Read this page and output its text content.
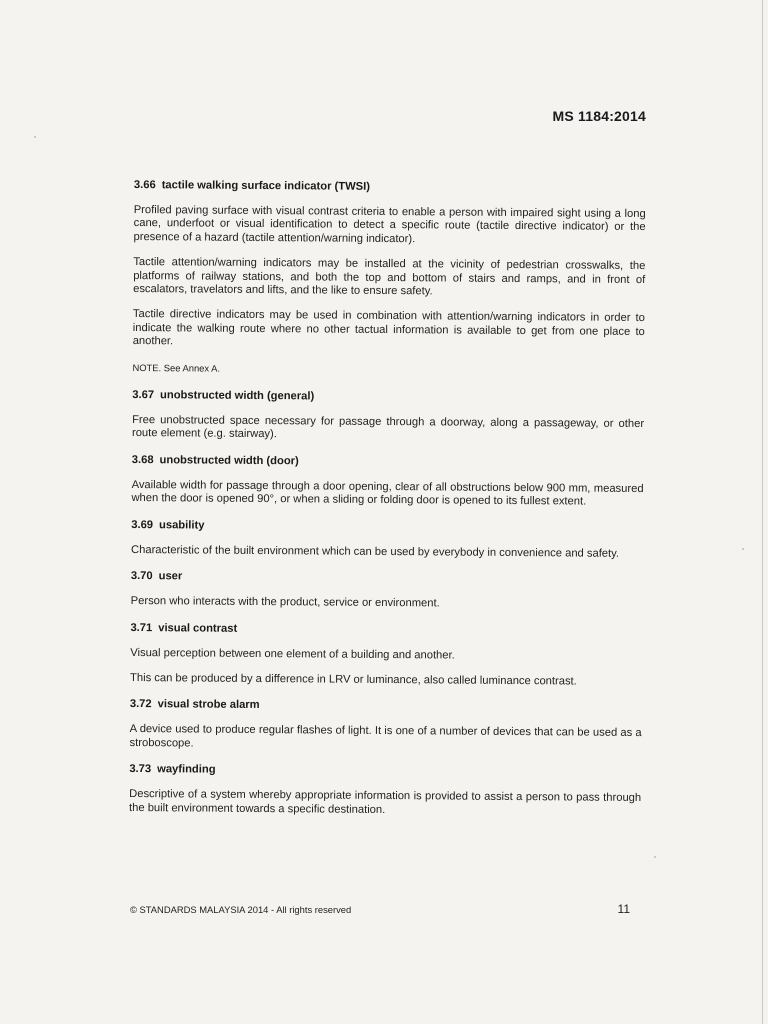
MS 1184:2014
3.66 tactile walking surface indicator (TWSI)

Profiled paving surface with visual contrast criteria to enable a person with impaired sight using a long cane, underfoot or visual identification to detect a specific route (tactile directive indicator) or the presence of a hazard (tactile attention/warning indicator).

Tactile attention/warning indicators may be installed at the vicinity of pedestrian crosswalks, the platforms of railway stations, and both the top and bottom of stairs and ramps, and in front of escalators, travelators and lifts, and the like to ensure safety.

Tactile directive indicators may be used in combination with attention/warning indicators in order to indicate the walking route where no other tactual information is available to get from one place to another.

NOTE. See Annex A.

3.67 unobstructed width (general)

Free unobstructed space necessary for passage through a doorway, along a passageway, or other route element (e.g. stairway).

3.68 unobstructed width (door)

Available width for passage through a door opening, clear of all obstructions below 900 mm, measured when the door is opened 90°, or when a sliding or folding door is opened to its fullest extent.

3.69 usability

Characteristic of the built environment which can be used by everybody in convenience and safety.

3.70 user

Person who interacts with the product, service or environment.

3.71 visual contrast

Visual perception between one element of a building and another.

This can be produced by a difference in LRV or luminance, also called luminance contrast.

3.72 visual strobe alarm

A device used to produce regular flashes of light. It is one of a number of devices that can be used as a stroboscope.

3.73 wayfinding

Descriptive of a system whereby appropriate information is provided to assist a person to pass through the built environment towards a specific destination.

© STANDARDS MALAYSIA 2014 - All rights reserved	11
